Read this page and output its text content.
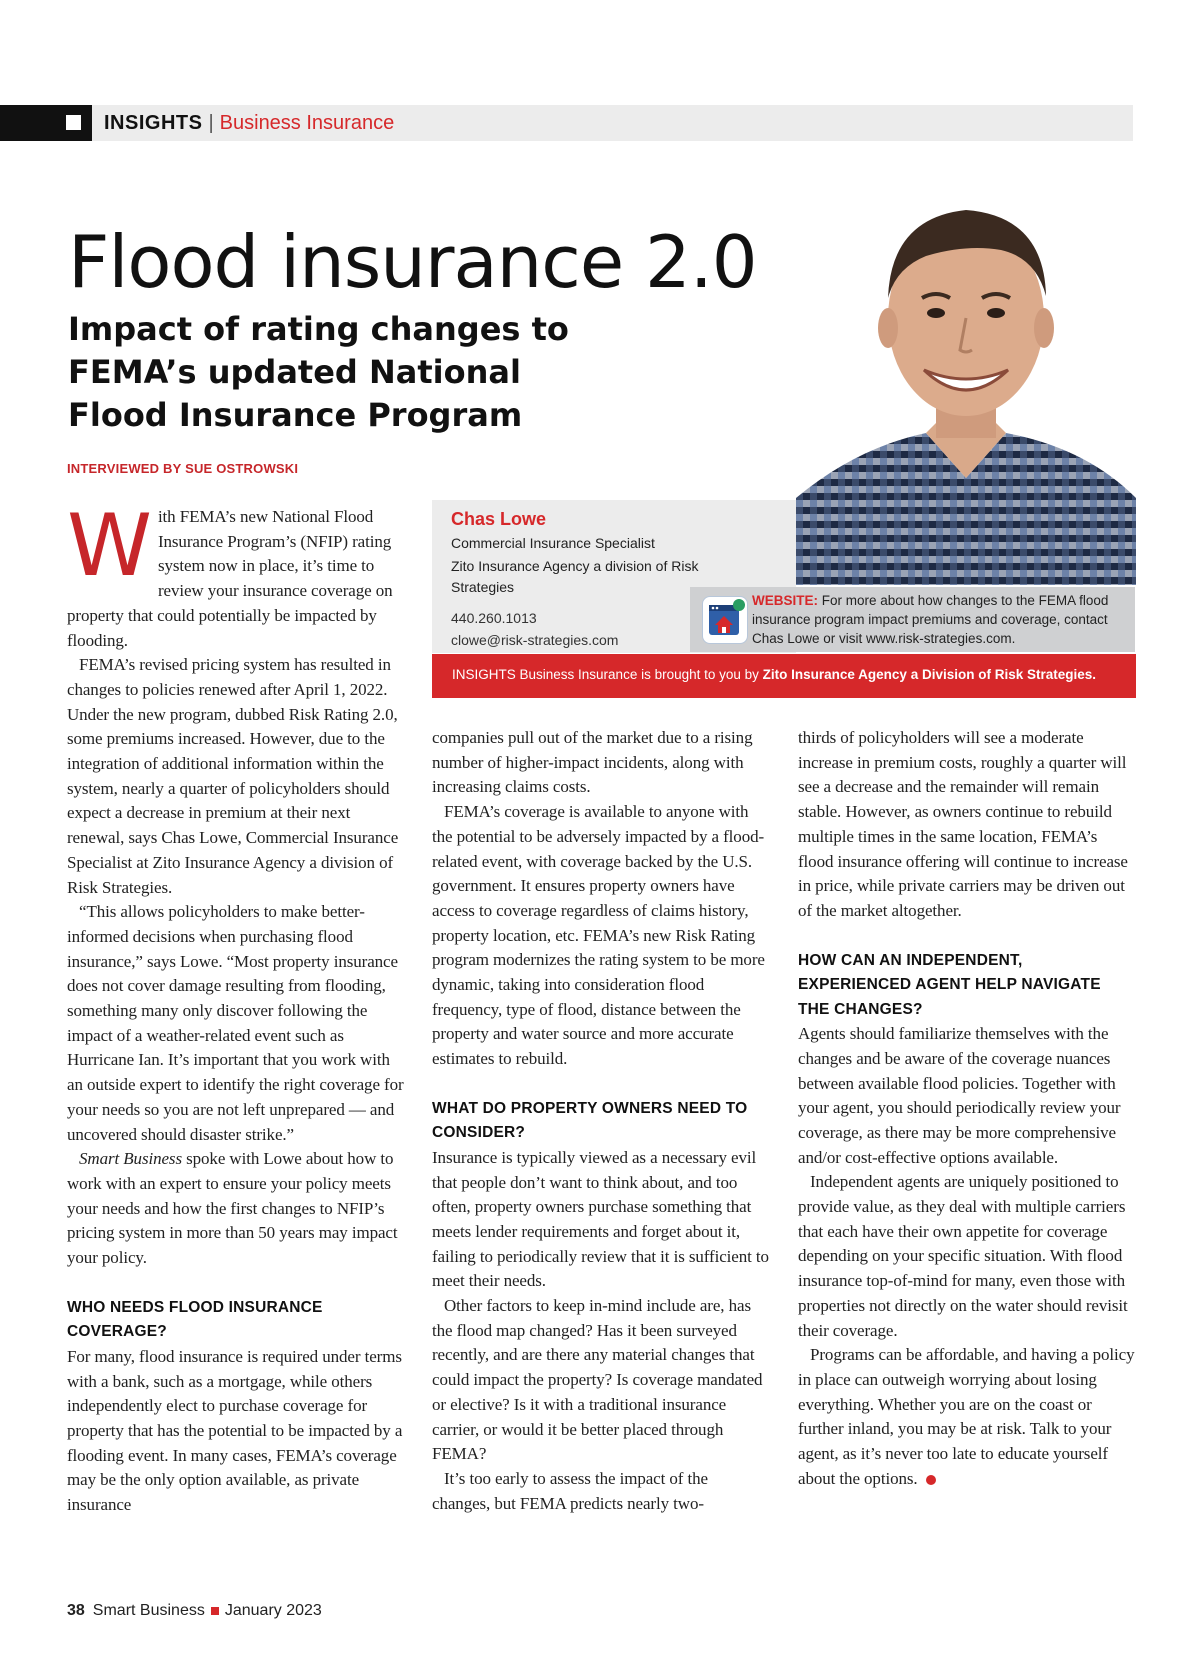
INSIGHTS | Business Insurance
Flood insurance 2.0
Impact of rating changes to FEMA’s updated National Flood Insurance Program
INTERVIEWED BY SUE OSTROWSKI
Chas Lowe
Commercial Insurance Specialist
Zito Insurance Agency a division of Risk Strategies
440.260.1013
clowe@risk-strategies.com
WEBSITE: For more about how changes to the FEMA flood insurance program impact premiums and coverage, contact Chas Lowe or visit www.risk-strategies.com.
INSIGHTS Business Insurance is brought to you by Zito Insurance Agency a Division of Risk Strategies.

With FEMA’s new National Flood Insurance Program’s (NFIP) rating system now in place, it’s time to review your insurance coverage on property that could potentially be impacted by flooding.

FEMA’s revised pricing system has resulted in changes to policies renewed after April 1, 2022. Under the new program, dubbed Risk Rating 2.0, some premiums increased. However, due to the integration of additional information within the system, nearly a quarter of policyholders should expect a decrease in premium at their next renewal, says Chas Lowe, Commercial Insurance Specialist at Zito Insurance Agency a division of Risk Strategies.

“This allows policyholders to make better-informed decisions when purchasing flood insurance,” says Lowe. “Most property insurance does not cover damage resulting from flooding, something many only discover following the impact of a weather-related event such as Hurricane Ian. It’s important that you work with an outside expert to identify the right coverage for your needs so you are not left unprepared — and uncovered should disaster strike.”

Smart Business spoke with Lowe about how to work with an expert to ensure your policy meets your needs and how the first changes to NFIP’s pricing system in more than 50 years may impact your policy.

WHO NEEDS FLOOD INSURANCE COVERAGE?

For many, flood insurance is required under terms with a bank, such as a mortgage, while others independently elect to purchase coverage for property that has the potential to be impacted by a flooding event. In many cases, FEMA’s coverage may be the only option available, as private insurance

companies pull out of the market due to a rising number of higher-impact incidents, along with increasing claims costs.

FEMA’s coverage is available to anyone with the potential to be adversely impacted by a flood-related event, with coverage backed by the U.S. government. It ensures property owners have access to coverage regardless of claims history, property location, etc. FEMA’s new Risk Rating program modernizes the rating system to be more dynamic, taking into consideration flood frequency, type of flood, distance between the property and water source and more accurate estimates to rebuild.

WHAT DO PROPERTY OWNERS NEED TO CONSIDER?

Insurance is typically viewed as a necessary evil that people don’t want to think about, and too often, property owners purchase something that meets lender requirements and forget about it, failing to periodically review that it is sufficient to meet their needs.

Other factors to keep in-mind include are, has the flood map changed? Has it been surveyed recently, and are there any material changes that could impact the property? Is coverage mandated or elective? Is it with a traditional insurance carrier, or would it be better placed through FEMA?

It’s too early to assess the impact of the changes, but FEMA predicts nearly two-

thirds of policyholders will see a moderate increase in premium costs, roughly a quarter will see a decrease and the remainder will remain stable. However, as owners continue to rebuild multiple times in the same location, FEMA’s flood insurance offering will continue to increase in price, while private carriers may be driven out of the market altogether.

HOW CAN AN INDEPENDENT, EXPERIENCED AGENT HELP NAVIGATE THE CHANGES?

Agents should familiarize themselves with the changes and be aware of the coverage nuances between available flood policies. Together with your agent, you should periodically review your coverage, as there may be more comprehensive and/or cost-effective options available.

Independent agents are uniquely positioned to provide value, as they deal with multiple carriers that each have their own appetite for coverage depending on your specific situation. With flood insurance top-of-mind for many, even those with properties not directly on the water should revisit their coverage.

Programs can be affordable, and having a policy in place can outweigh worrying about losing everything. Whether you are on the coast or further inland, you may be at risk. Talk to your agent, as it’s never too late to educate yourself about the options.

38 Smart Business January 2023
